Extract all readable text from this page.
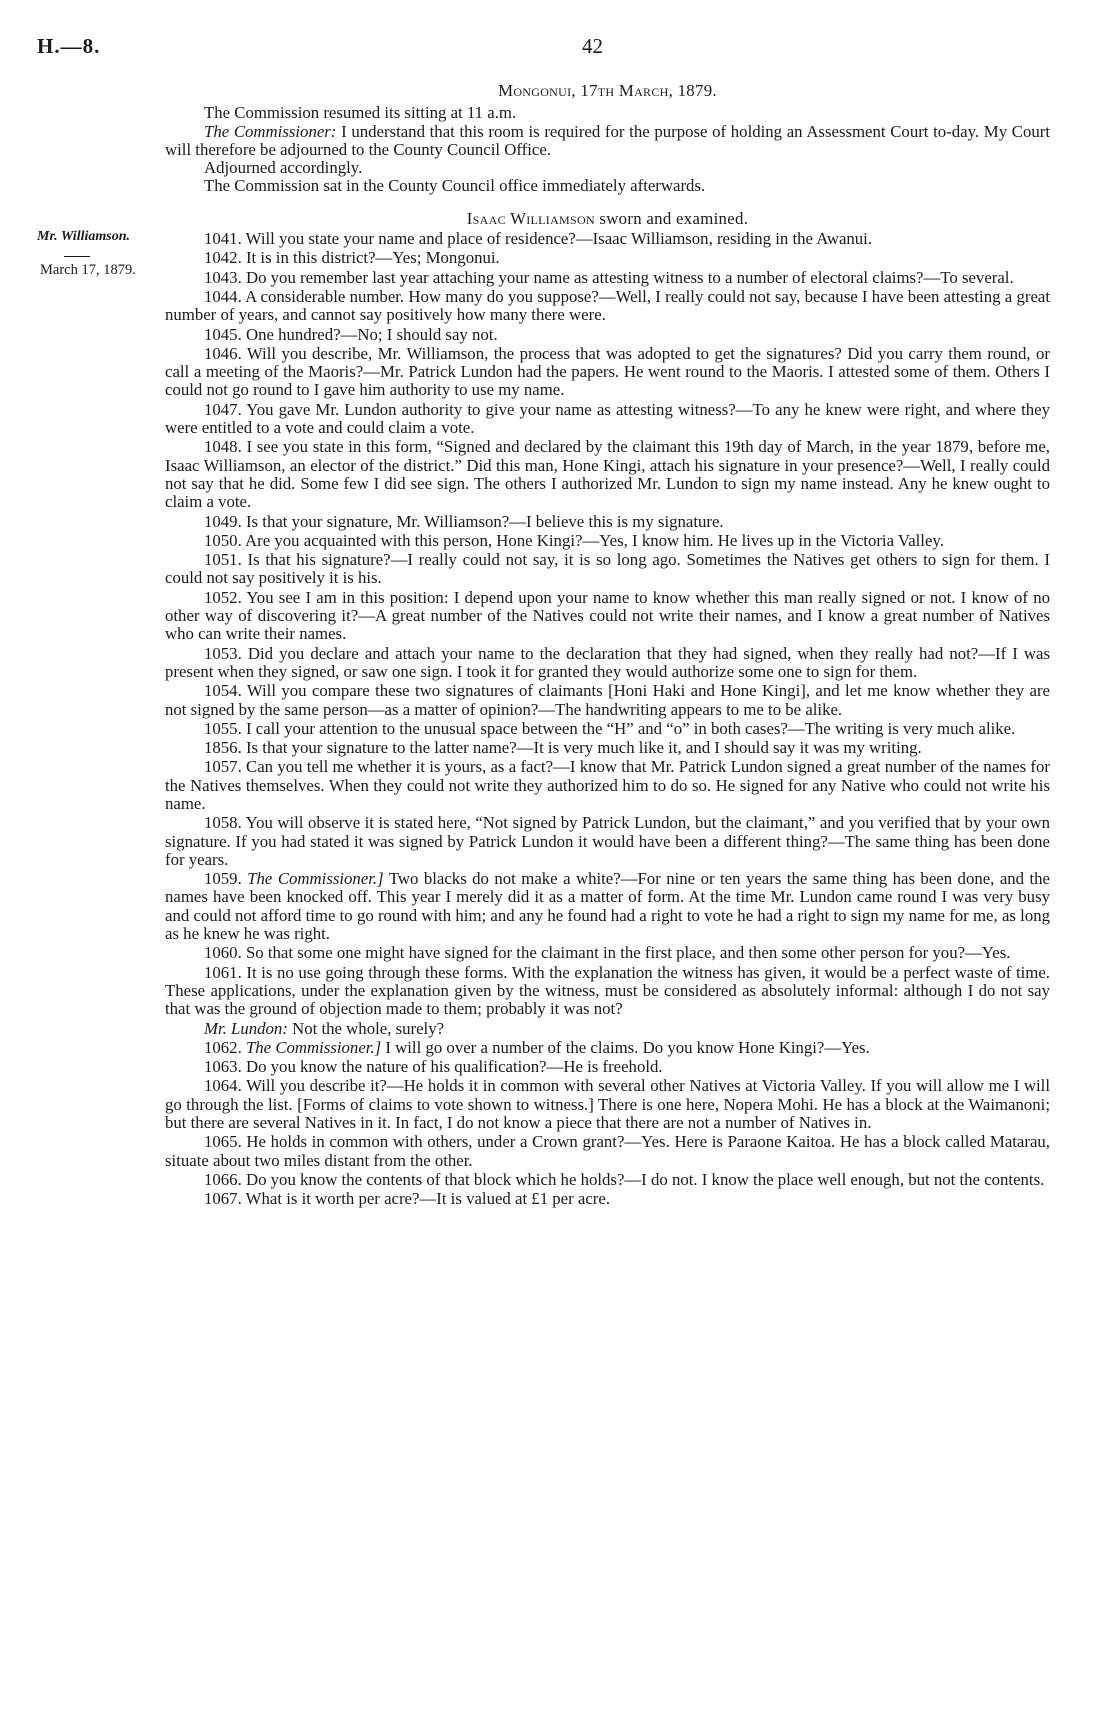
H.—8.	42
Mr. Williamson.
March 17, 1879.

Mongonui, 17th March, 1879.

The Commission resumed its sitting at 11 a.m.

The Commissioner: I understand that this room is required for the purpose of holding an Assessment Court to-day. My Court will therefore be adjourned to the County Council Office.

Adjourned accordingly.

The Commission sat in the County Council office immediately afterwards.

Isaac Williamson sworn and examined.

1041. Will you state your name and place of residence?—Isaac Williamson, residing in the Awanui.

1042. It is in this district?—Yes; Mongonui.

1043. Do you remember last year attaching your name as attesting witness to a number of electoral claims?—To several.

1044. A considerable number. How many do you suppose?—Well, I really could not say, because I have been attesting a great number of years, and cannot say positively how many there were.

1045. One hundred?—No; I should say not.

1046. Will you describe, Mr. Williamson, the process that was adopted to get the signatures? Did you carry them round, or call a meeting of the Maoris?—Mr. Patrick Lundon had the papers. He went round to the Maoris. I attested some of them. Others I could not go round to I gave him authority to use my name.

1047. You gave Mr. Lundon authority to give your name as attesting witness?—To any he knew were right, and where they were entitled to a vote and could claim a vote.

1048. I see you state in this form, “Signed and declared by the claimant this 19th day of March, in the year 1879, before me, Isaac Williamson, an elector of the district.” Did this man, Hone Kingi, attach his signature in your presence?—Well, I really could not say that he did. Some few I did see sign. The others I authorized Mr. Lundon to sign my name instead. Any he knew ought to claim a vote.

1049. Is that your signature, Mr. Williamson?—I believe this is my signature.

1050. Are you acquainted with this person, Hone Kingi?—Yes, I know him. He lives up in the Victoria Valley.

1051. Is that his signature?—I really could not say, it is so long ago. Sometimes the Natives get others to sign for them. I could not say positively it is his.

1052. You see I am in this position: I depend upon your name to know whether this man really signed or not. I know of no other way of discovering it?—A great number of the Natives could not write their names, and I know a great number of Natives who can write their names.

1053. Did you declare and attach your name to the declaration that they had signed, when they really had not?—If I was present when they signed, or saw one sign. I took it for granted they would authorize some one to sign for them.

1054. Will you compare these two signatures of claimants [Honi Haki and Hone Kingi], and let me know whether they are not signed by the same person—as a matter of opinion?—The handwriting appears to me to be alike.

1055. I call your attention to the unusual space between the “H” and “o” in both cases?—The writing is very much alike.

1856. Is that your signature to the latter name?—It is very much like it, and I should say it was my writing.

1057. Can you tell me whether it is yours, as a fact?—I know that Mr. Patrick Lundon signed a great number of the names for the Natives themselves. When they could not write they authorized him to do so. He signed for any Native who could not write his name.

1058. You will observe it is stated here, “Not signed by Patrick Lundon, but the claimant,” and you verified that by your own signature. If you had stated it was signed by Patrick Lundon it would have been a different thing?—The same thing has been done for years.

1059. The Commissioner.] Two blacks do not make a white?—For nine or ten years the same thing has been done, and the names have been knocked off. This year I merely did it as a matter of form. At the time Mr. Lundon came round I was very busy and could not afford time to go round with him; and any he found had a right to vote he had a right to sign my name for me, as long as he knew he was right.

1060. So that some one might have signed for the claimant in the first place, and then some other person for you?—Yes.

1061. It is no use going through these forms. With the explanation the witness has given, it would be a perfect waste of time. These applications, under the explanation given by the witness, must be considered as absolutely informal: although I do not say that was the ground of objection made to them; probably it was not?

Mr. Lundon: Not the whole, surely?

1062. The Commissioner.] I will go over a number of the claims. Do you know Hone Kingi?—Yes.

1063. Do you know the nature of his qualification?—He is freehold.

1064. Will you describe it?—He holds it in common with several other Natives at Victoria Valley. If you will allow me I will go through the list. [Forms of claims to vote shown to witness.] There is one here, Nopera Mohi. He has a block at the Waimanoni; but there are several Natives in it. In fact, I do not know a piece that there are not a number of Natives in.

1065. He holds in common with others, under a Crown grant?—Yes. Here is Paraone Kaitoa. He has a block called Matarau, situate about two miles distant from the other.

1066. Do you know the contents of that block which he holds?—I do not. I know the place well enough, but not the contents.

1067. What is it worth per acre?—It is valued at £1 per acre.
